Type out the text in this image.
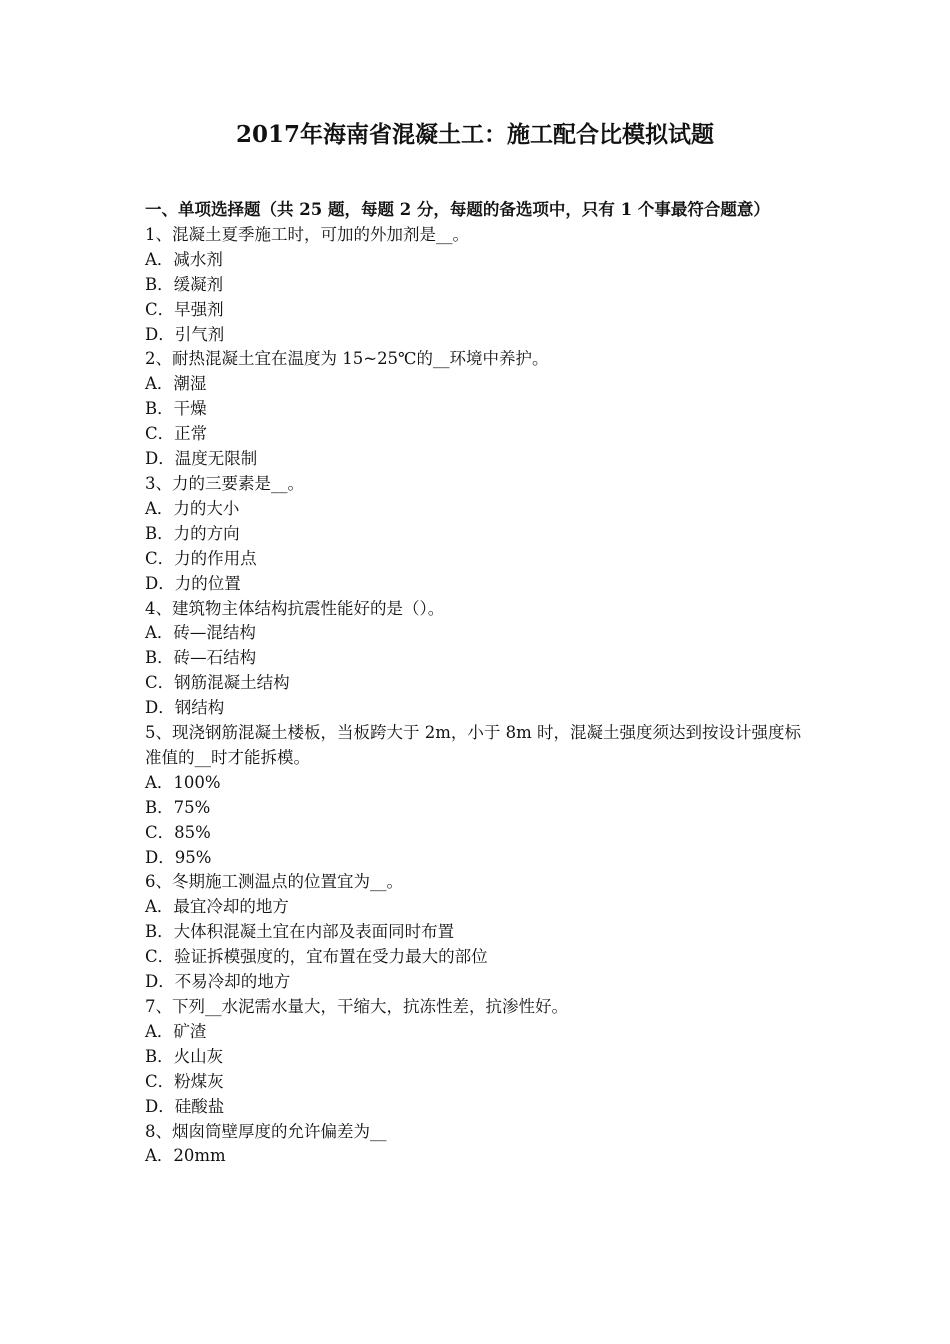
2017年海南省混凝土工：施工配合比模拟试题

一、单项选择题（共 25 题，每题 2 分，每题的备选项中，只有 1 个事最符合题意）

1、混凝土夏季施工时，可加的外加剂是__。

A．减水剂

B．缓凝剂

C．早强剂

D．引气剂

2、耐热混凝土宜在温度为 15~25℃的__环境中养护。

A．潮湿

B．干燥

C．正常

D．温度无限制

3、力的三要素是__。

A．力的大小

B．力的方向

C．力的作用点

D．力的位置

4、建筑物主体结构抗震性能好的是（）。

A．砖—混结构

B．砖—石结构

C．钢筋混凝土结构

D．钢结构

5、现浇钢筋混凝土楼板，当板跨大于 2m，小于 8m 时，混凝土强度须达到按设计强度标准值的__时才能拆模。

A．100%

B．75%

C．85%

D．95%

6、冬期施工测温点的位置宜为__。

A．最宜冷却的地方

B．大体积混凝土宜在内部及表面同时布置

C．验证拆模强度的，宜布置在受力最大的部位

D．不易冷却的地方

7、下列__水泥需水量大，干缩大，抗冻性差，抗渗性好。

A．矿渣

B．火山灰

C．粉煤灰

D．硅酸盐

8、烟囱筒壁厚度的允许偏差为__

A．20mm
